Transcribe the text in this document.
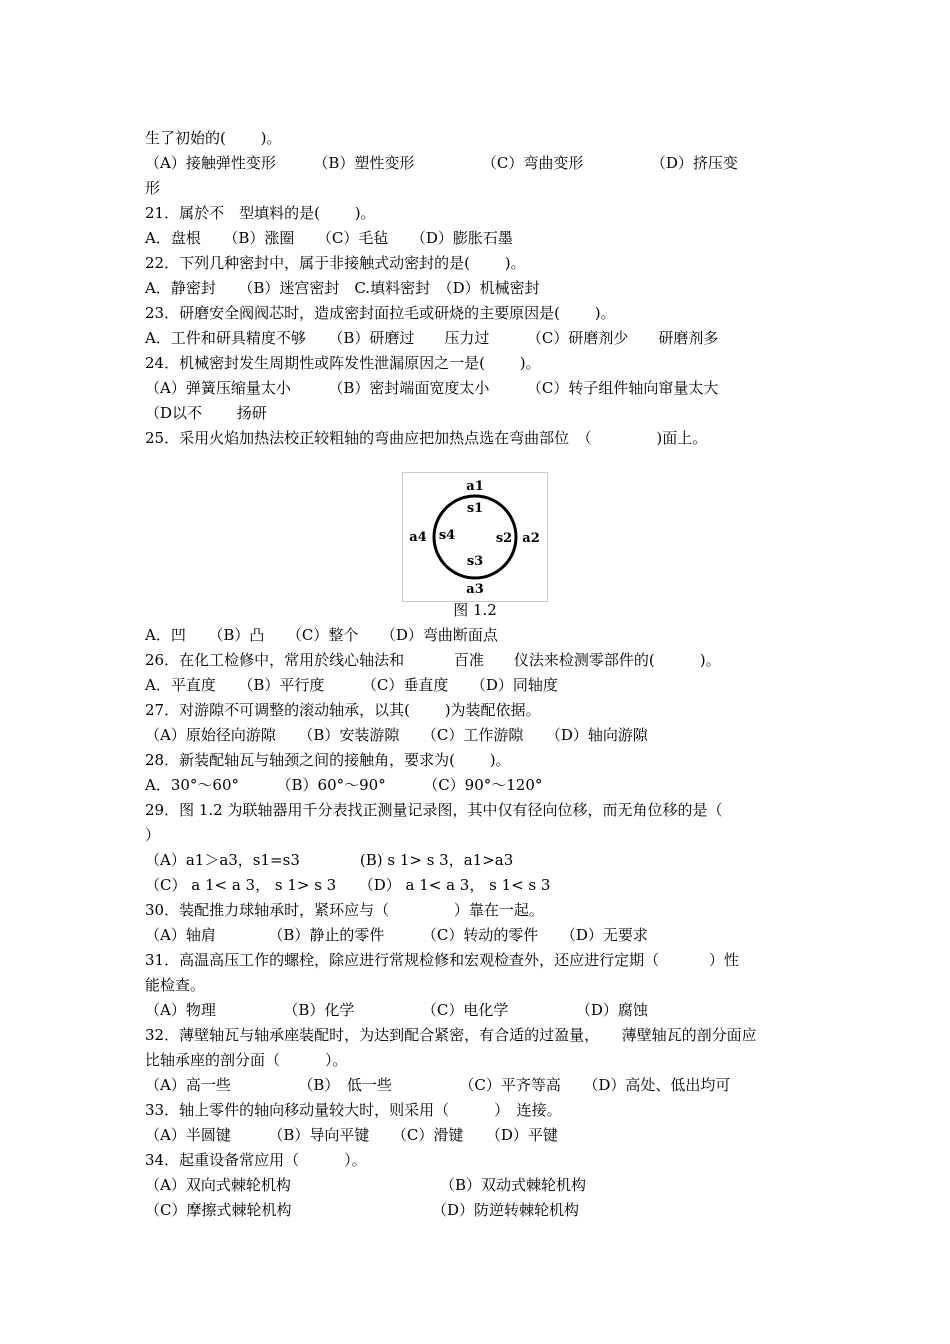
生了初始的(　　 )。
（A）接触弹性变形　　　（B）塑性变形　　　　　（C）弯曲变形　　　　　（D）挤压变
形
21．属於不　型填料的是(　　 )。
A．盘根　　（B）涨圈　　（C）毛毡　　（D）膨胀石墨
22．下列几种密封中，属于非接触式动密封的是(　　 )。
A．静密封　　（B）迷宫密封　C.填料密封　（D）机械密封
23．研磨安全阀阀芯时，造成密封面拉毛或研烧的主要原因是(　　 )。
A．工件和研具精度不够　　（B）研磨过　　压力过　　　（C）研磨剂少　　研磨剂多
24．机械密封发生周期性或阵发性泄漏原因之一是(　　 )。
（A）弹簧压缩量太小　　　（B）密封端面宽度太小　　　（C）转子组件轴向窜量太大
（D以不　　 扬研
25．采用火焰加热法校正较粗轴的弯曲应把加热点选在弯曲部位　（　　　　 )面上。
a1
s1
a2
s2
s3
a3
a4 s4
图 1.2
A．凹　　（B）凸　　（C）整个　　（D）弯曲断面点
26．在化工检修中，常用於线心轴法和　　　 百准　　仪法来检测零部件的(　　　)。
A．平直度　　（B）平行度　　　（C）垂直度　　（D）同轴度
27．对游隙不可调整的滚动轴承，以其(　　 )为装配依据。
（A）原始径向游隙　　（B）安装游隙　　（C）工作游隙　　（D）轴向游隙
28．新装配轴瓦与轴颈之间的接触角，要求为(　　 )。
A．30°～60°　　　（B）60°～90°　　　（C）90°～120°
29．图 1.2 为联轴器用千分表找正测量记录图，其中仅有径向位移，而无角位移的是（
）
（A）a1＞a3，s1=s3　　　　(B) s 1> s 3，a1>a3
（C） a 1< a 3， s 1> s 3　　（D） a 1< a 3， s 1< s 3
30．装配推力球轴承时，紧环应与（　　　　 ）靠在一起。
（A）轴肩　　　　（B）静止的零件　　　（C）转动的零件　　（D）无要求
31．高温高压工作的螺栓，除应进行常规检修和宏观检查外，还应进行定期（　　　 ）性
能检查。
（A）物理　　　　　（B）化学　　　　　（C）电化学　　　　　（D）腐蚀
32．薄壁轴瓦与轴承座装配时，为达到配合紧密，有合适的过盈量，　　薄壁轴瓦的剖分面应
比轴承座的剖分面（　　　）。
（A）高一些　　　　　（B）　低一些　　　　　（C）平齐等高　　（D）高处、低出均可
33．轴上零件的轴向移动量较大时，则采用（　　　）　连接。
（A）半圆键　　　（B）导向平键　　（C）滑键　　（D）平键
34．起重设备常应用（　　　）。
（A）双向式棘轮机构	（B）双动式棘轮机构
（C）摩擦式棘轮机构	（D）防逆转棘轮机构
